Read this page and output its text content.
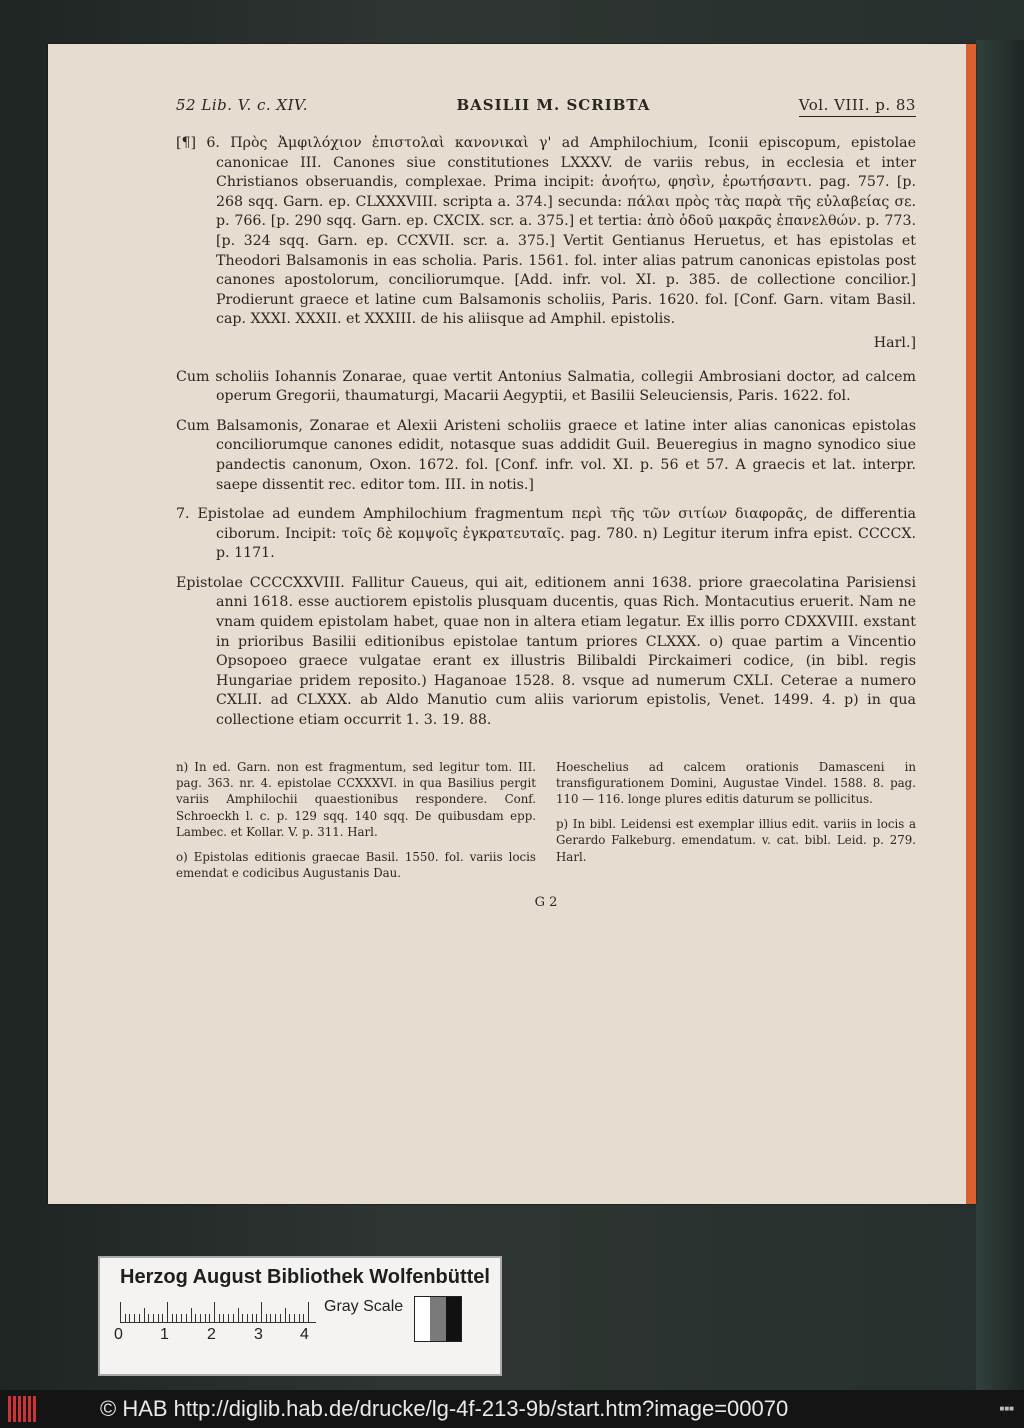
52 Lib. V. c. XIV.	BASILII M. SCRIBTA	Vol. VIII. p. 83

[¶] 6. Πρὸς Ἀμφιλόχιον ἐπιστολαὶ κανονικαὶ γ' ad Amphilochium, Iconii episcopum, epistolae canonicae III. Canones siue constitutiones LXXXV. de variis rebus, in ecclesia et inter Christianos obseruandis, complexae. Prima incipit: ἀνοήτω, φησὶν, ἐρωτήσαντι. pag. 757. [p. 268 sqq. Garn. ep. CLXXXVIII. scripta a. 374.] secunda: πάλαι πρὸς τὰς παρὰ τῆς εὐλαβείας σε. p. 766. [p. 290 sqq. Garn. ep. CXCIX. scr. a. 375.] et tertia: ἀπὸ ὁδοῦ μακρᾶς ἐπανελθών. p. 773. [p. 324 sqq. Garn. ep. CCXVII. scr. a. 375.] Vertit Gentianus Heruetus, et has epistolas et Theodori Balsamonis in eas scholia. Paris. 1561. fol. inter alias patrum canonicas epistolas post canones apostolorum, conciliorumque. [Add. infr. vol. XI. p. 385. de collectione concilior.] Prodierunt graece et latine cum Balsamonis scholiis, Paris. 1620. fol. [Conf. Garn. vitam Basil. cap. XXXI. XXXII. et XXXIII. de his aliisque ad Amphil. epistolis.

Harl.]

Cum scholiis Iohannis Zonarae, quae vertit Antonius Salmatia, collegii Ambrosiani doctor, ad calcem operum Gregorii, thaumaturgi, Macarii Aegyptii, et Basilii Seleuciensis, Paris. 1622. fol.

Cum Balsamonis, Zonarae et Alexii Aristeni scholiis graece et latine inter alias canonicas epistolas conciliorumque canones edidit, notasque suas addidit Guil. Beueregius in magno synodico siue pandectis canonum, Oxon. 1672. fol. [Conf. infr. vol. XI. p. 56 et 57. A graecis et lat. interpr. saepe dissentit rec. editor tom. III. in notis.]

7. Epistolae ad eundem Amphilochium fragmentum περὶ τῆς τῶν σιτίων διαφορᾶς, de differentia ciborum. Incipit: τοῖς δὲ κομψοῖς ἐγκρατευταῖς. pag. 780. n) Legitur iterum infra epist. CCCCX. p. 1171.

Epistolae CCCCXXVIII. Fallitur Caueus, qui ait, editionem anni 1638. priore graecolatina Parisiensi anni 1618. esse auctiorem epistolis plusquam ducentis, quas Rich. Montacutius eruerit. Nam ne vnam quidem epistolam habet, quae non in altera etiam legatur. Ex illis porro CDXXVIII. exstant in prioribus Basilii editionibus epistolae tantum priores CLXXX. o) quae partim a Vincentio Opsopoeo graece vulgatae erant ex illustris Bilibaldi Pirckaimeri codice, (in bibl. regis Hungariae pridem reposito.) Haganoae 1528. 8. vsque ad numerum CXLI. Ceterae a numero CXLII. ad CLXXX. ab Aldo Manutio cum aliis variorum epistolis, Venet. 1499. 4. p) in qua collectione etiam occurrit 1. 3. 19. 88.

n) In ed. Garn. non est fragmentum, sed legitur tom. III. pag. 363. nr. 4. epistolae CCXXXVI. in qua Basilius pergit variis Amphilochii quaestionibus respondere. Conf. Schroeckh l. c. p. 129 sqq. 140 sqq. De quibusdam epp. Lambec. et Kollar. V. p. 311. Harl.

o) Epistolas editionis graecae Basil. 1550. fol. variis locis emendat e codicibus Augustanis Dau.

Hoeschelius ad calcem orationis Damasceni in transfigurationem Domini, Augustae Vindel. 1588. 8. pag. 110 — 116. longe plures editis daturum se pollicitus.

p) In bibl. Leidensi est exemplar illius edit. variis in locis a Gerardo Falkeburg. emendatum. v. cat. bibl. Leid. p. 279. Harl.

G 2
Herzog August Bibliothek Wolfenbüttel
0 1 2 3 4
Gray Scale
© HAB http://diglib.hab.de/drucke/lg-4f-213-9b/start.htm?image=00070	■■■
